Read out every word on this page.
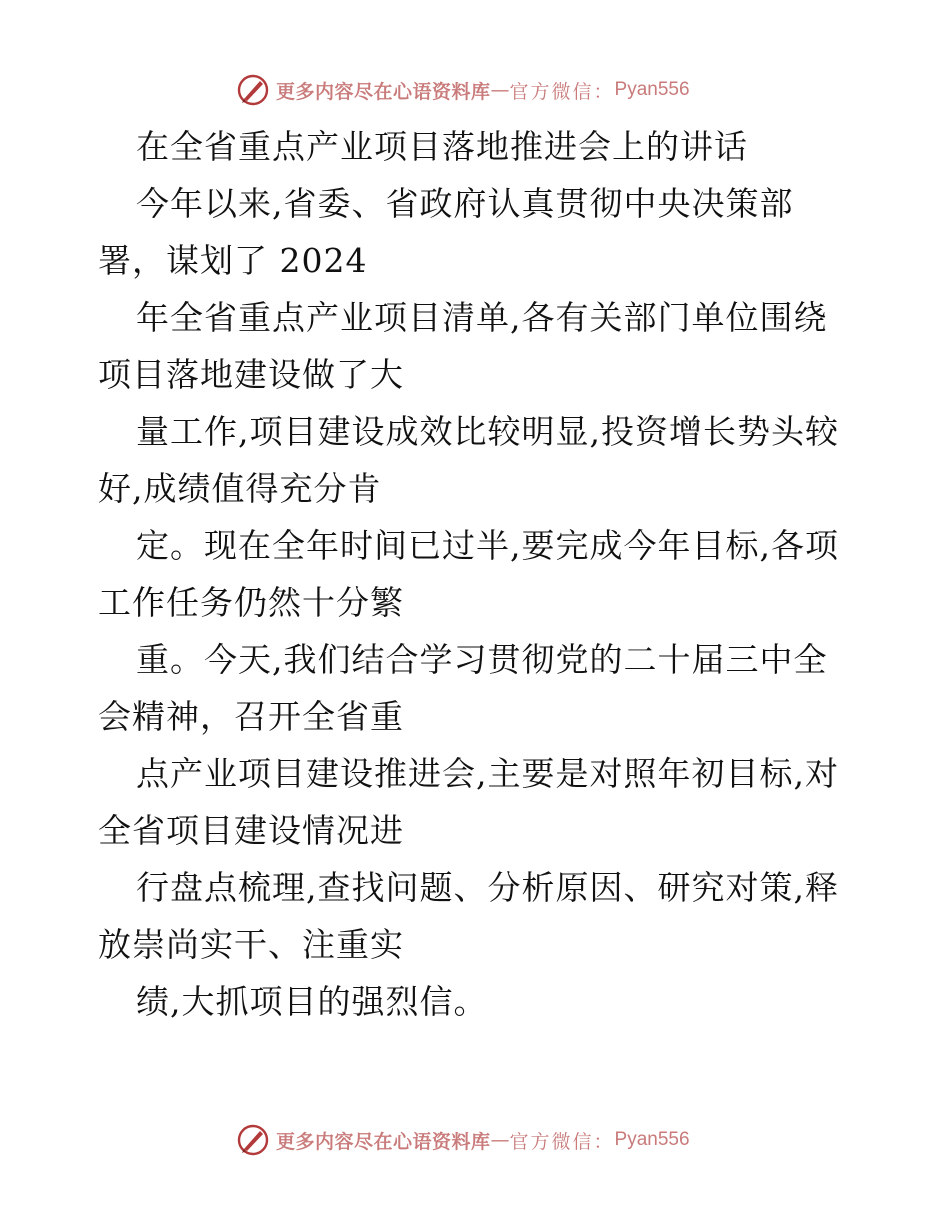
更多内容尽在心语资料库 — 官方微信： Pyan556
在全省重点产业项目落地推进会上的讲话
今年以来,省委、省政府认真贯彻中央决策部
署，谋划了 2024
年全省重点产业项目清单,各有关部门单位围绕
项目落地建设做了大
量工作,项目建设成效比较明显,投资增长势头较
好,成绩值得充分肯
定。现在全年时间已过半,要完成今年目标,各项
工作任务仍然十分繁
重。今天,我们结合学习贯彻党的二十届三中全
会精神，召开全省重
点产业项目建设推进会,主要是对照年初目标,对
全省项目建设情况进
行盘点梳理,查找问题、分析原因、研究对策,释
放崇尚实干、注重实
绩,大抓项目的强烈信。
更多内容尽在心语资料库 — 官方微信： Pyan556
